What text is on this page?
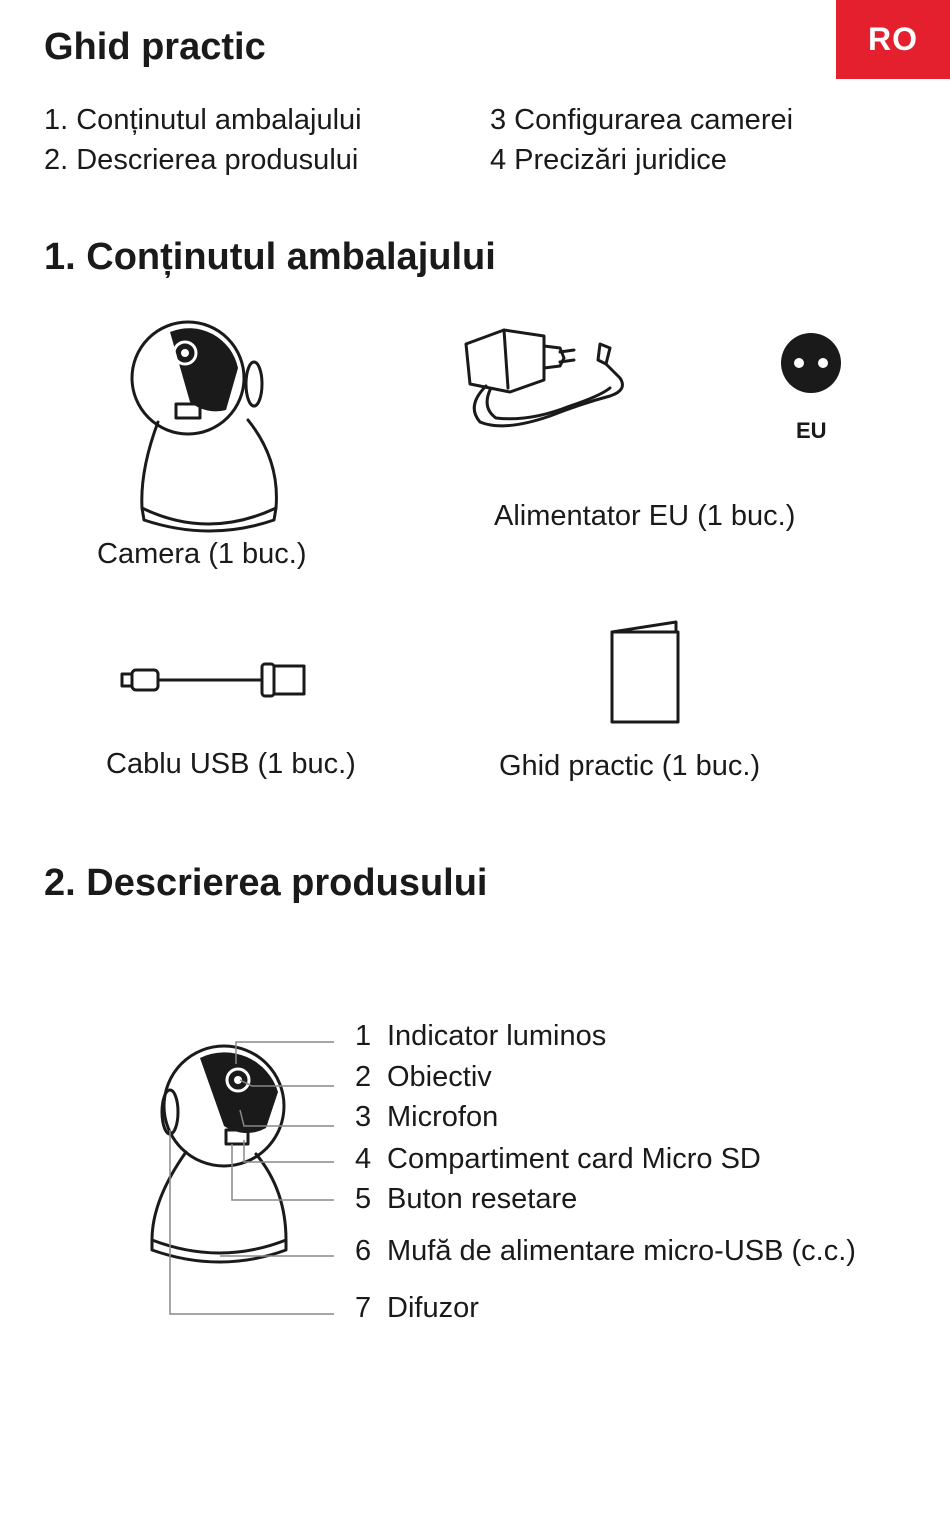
RO
Ghid practic
1. Conținutul ambalajului
2. Descrierea produsului
3 Configurarea camerei
4 Precizări juridice
1. Conținutul ambalajului
Camera (1 buc.)
EU
Alimentator EU (1 buc.)
Cablu USB (1 buc.)	Ghid practic (1 buc.)
2. Descrierea produsului
1 Indicator luminos
2 Obiectiv
3 Microfon
4 Compartiment card Micro SD
5 Buton resetare
6 Mufă de alimentare micro-USB (c.c.)
7 Difuzor
